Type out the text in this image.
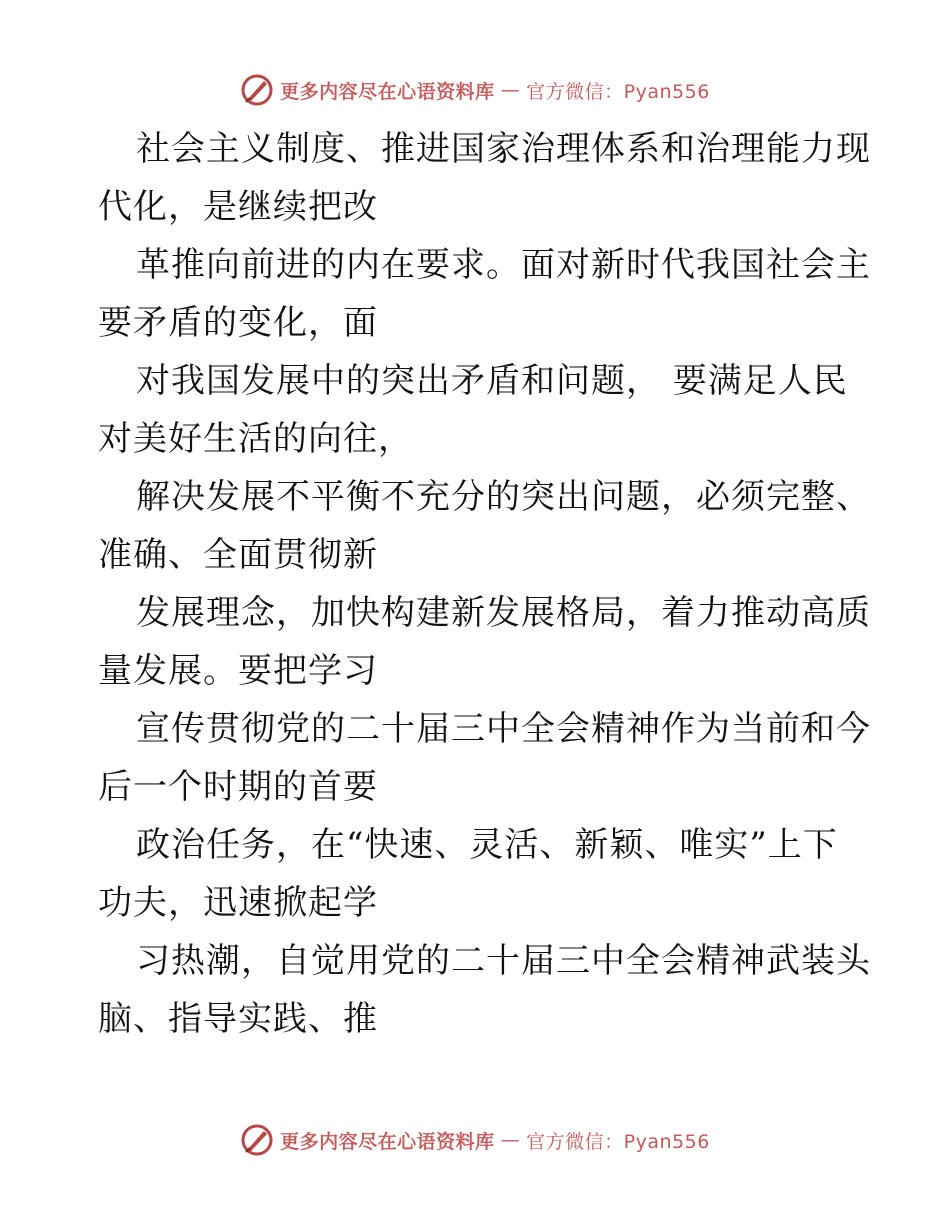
更多内容尽在心语资料库 — 官方微信：Pyan556
社会主义制度、推进国家治理体系和治理能力现
代化，是继续把改
革推向前进的内在要求。面对新时代我国社会主
要矛盾的变化，面
对我国发展中的突出矛盾和问题， 要满足人民
对美好生活的向往，
解决发展不平衡不充分的突出问题，必须完整、
准确、全面贯彻新
发展理念，加快构建新发展格局，着力推动高质
量发展。要把学习
宣传贯彻党的二十届三中全会精神作为当前和今
后一个时期的首要
政治任务，在“快速、灵活、新颖、唯实”上下
功夫，迅速掀起学
习热潮，自觉用党的二十届三中全会精神武装头
脑、指导实践、推
更多内容尽在心语资料库 — 官方微信：Pyan556
